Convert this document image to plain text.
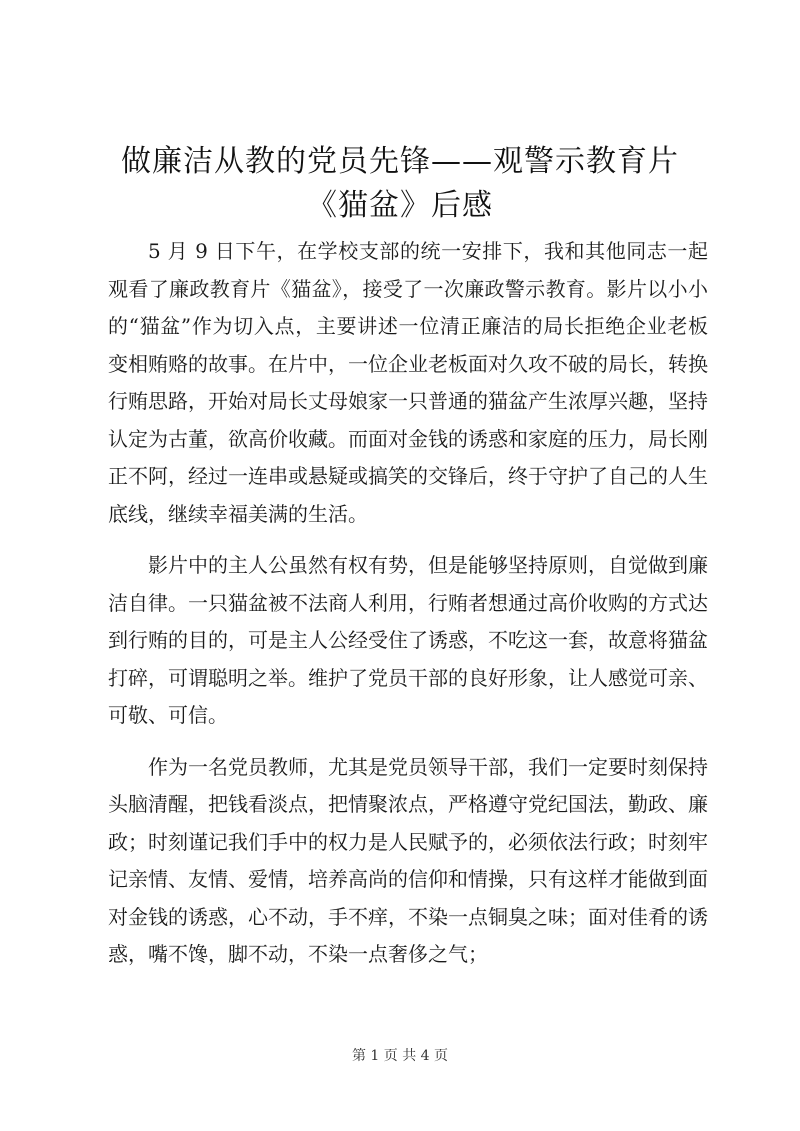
做廉洁从教的党员先锋——观警示教育片《猫盆》后感

5 月 9 日下午，在学校支部的统一安排下，我和其他同志一起观看了廉政教育片《猫盆》，接受了一次廉政警示教育。影片以小小的“猫盆”作为切入点，主要讲述一位清正廉洁的局长拒绝企业老板变相贿赂的故事。在片中，一位企业老板面对久攻不破的局长，转换行贿思路，开始对局长丈母娘家一只普通的猫盆产生浓厚兴趣，坚持认定为古董，欲高价收藏。而面对金钱的诱惑和家庭的压力，局长刚正不阿，经过一连串或悬疑或搞笑的交锋后，终于守护了自己的人生底线，继续幸福美满的生活。

影片中的主人公虽然有权有势，但是能够坚持原则，自觉做到廉洁自律。一只猫盆被不法商人利用，行贿者想通过高价收购的方式达到行贿的目的，可是主人公经受住了诱惑，不吃这一套，故意将猫盆打碎，可谓聪明之举。维护了党员干部的良好形象，让人感觉可亲、可敬、可信。

作为一名党员教师，尤其是党员领导干部，我们一定要时刻保持头脑清醒，把钱看淡点，把情聚浓点，严格遵守党纪国法，勤政、廉政；时刻谨记我们手中的权力是人民赋予的，必须依法行政；时刻牢记亲情、友情、爱情，培养高尚的信仰和情操，只有这样才能做到面对金钱的诱惑，心不动，手不痒，不染一点铜臭之味；面对佳肴的诱惑，嘴不馋，脚不动，不染一点奢侈之气；

第 1 页 共 4 页
